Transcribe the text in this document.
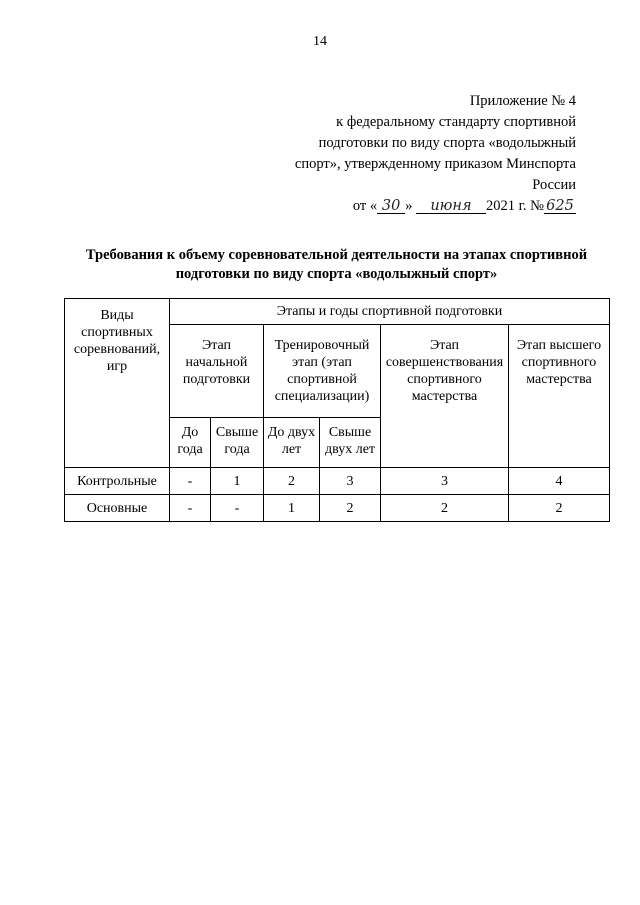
14
Приложение № 4
к федеральному стандарту спортивной
подготовки по виду спорта «водолыжный
спорт», утвержденному приказом Минспорта
России
от « 30 » июня 2021 г. № 625
Требования к объему соревновательной деятельности на этапах спортивной
подготовки по виду спорта «водолыжный спорт»
Виды спортивных соревнований, игр	Этапы и годы спортивной подготовки					
	Этап начальной подготовки		Тренировочный этап (этап спортивной специализации)		Этап совершенствования спортивного мастерства	Этап высшего спортивного мастерства
	До года	Свыше года	До двух лет	Свыше двух лет		
Контрольные	-	1	2	3	3	4
Основные	-	-	1	2	2	2
